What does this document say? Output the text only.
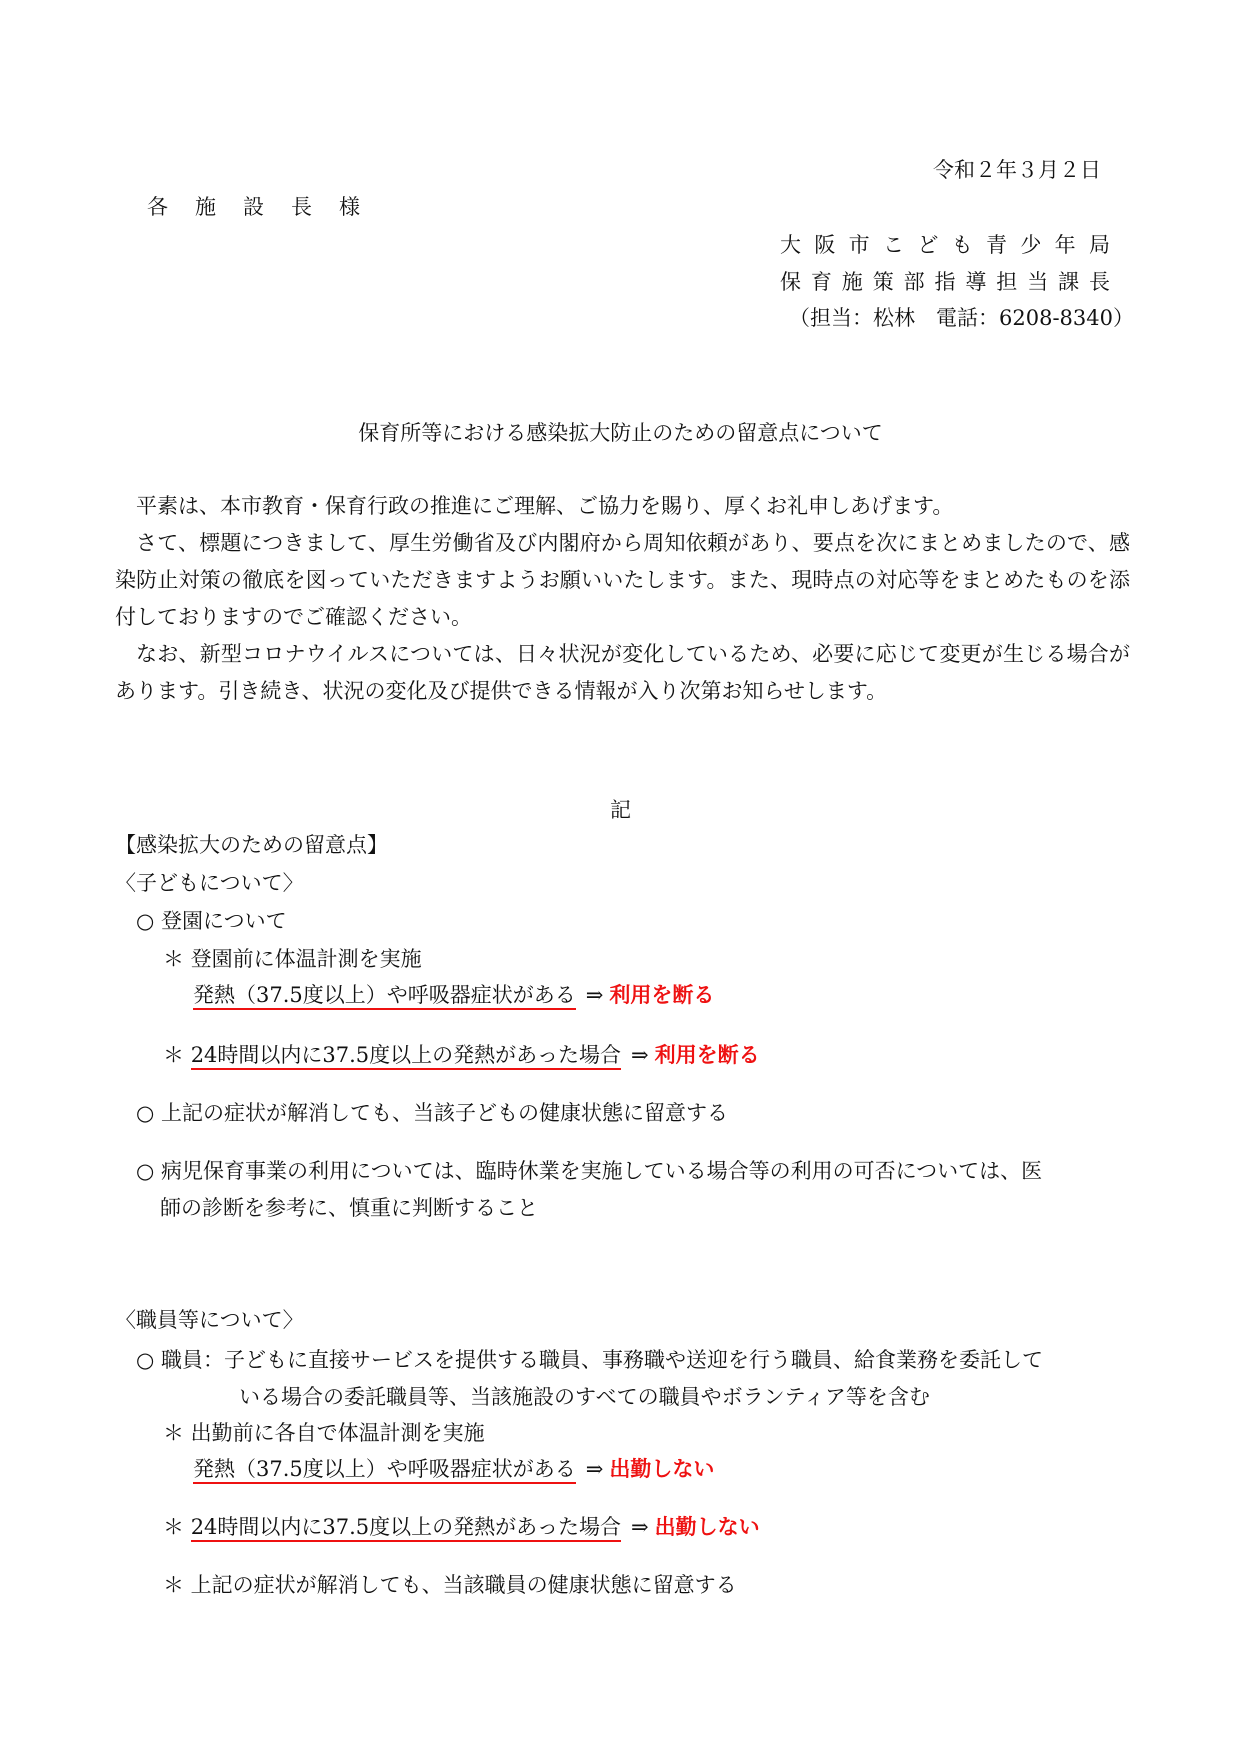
令和２年３月２日
各施設長様
大阪市こども青少年局
保育施策部指導担当課長
（担当：松林　電話：6208-8340）
保育所等における感染拡大防止のための留意点について

平素は、本市教育・保育行政の推進にご理解、ご協力を賜り、厚くお礼申しあげます。

さて、標題につきまして、厚生労働省及び内閣府から周知依頼があり、要点を次にまとめましたので、感染防止対策の徹底を図っていただきますようお願いいたします。また、現時点の対応等をまとめたものを添付しておりますのでご確認ください。

なお、新型コロナウイルスについては、日々状況が変化しているため、必要に応じて変更が生じる場合があります。引き続き、状況の変化及び提供できる情報が入り次第お知らせします。

記
【感染拡大のための留意点】
〈子どもについて〉
○ 登園について
＊ 登園前に体温計測を実施
発熱（37.5度以上）や呼吸器症状がある ⇒ 利用を断る
＊ 24時間以内に37.5度以上の発熱があった場合 ⇒ 利用を断る
○ 上記の症状が解消しても、当該子どもの健康状態に留意する
○ 病児保育事業の利用については、臨時休業を実施している場合等の利用の可否については、医
師の診断を参考に、慎重に判断すること
〈職員等について〉
○ 職員：子どもに直接サービスを提供する職員、事務職や送迎を行う職員、給食業務を委託して
いる場合の委託職員等、当該施設のすべての職員やボランティア等を含む
＊ 出勤前に各自で体温計測を実施
発熱（37.5度以上）や呼吸器症状がある ⇒ 出勤しない
＊ 24時間以内に37.5度以上の発熱があった場合 ⇒ 出勤しない
＊ 上記の症状が解消しても、当該職員の健康状態に留意する
